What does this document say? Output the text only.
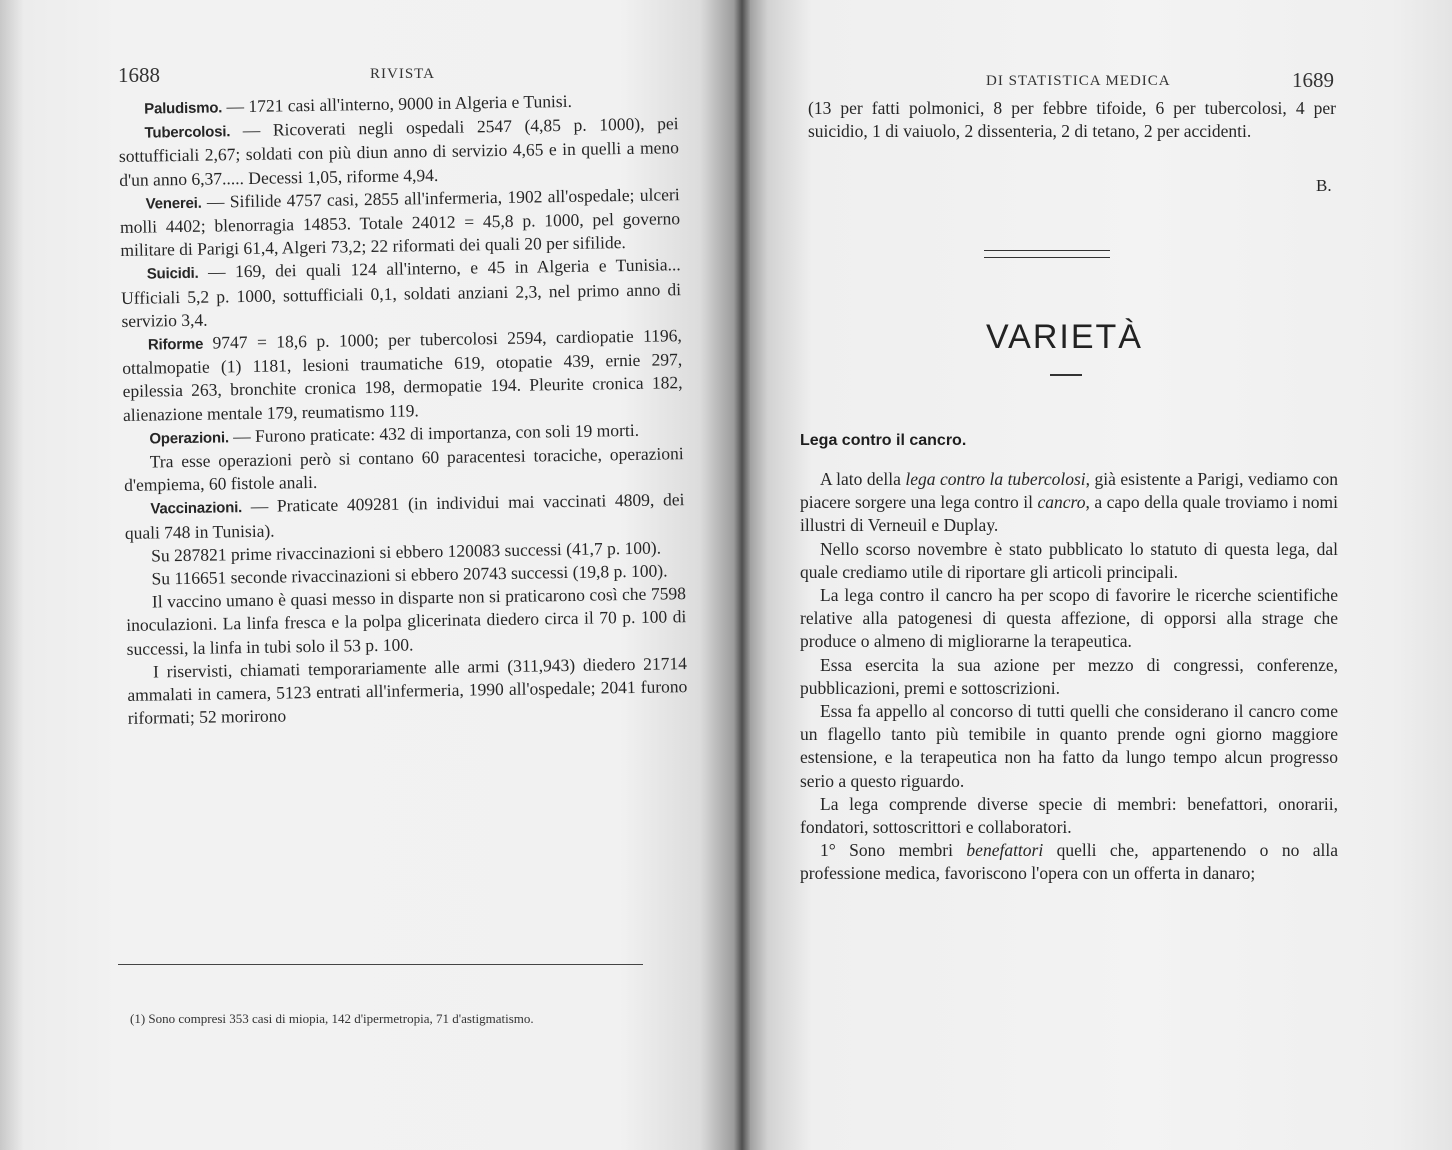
1688	RIVISTA

Paludismo. — 1721 casi all'interno, 9000 in Algeria e Tunisi.

Tubercolosi. — Ricoverati negli ospedali 2547 (4,85 p. 1000), pei sottufficiali 2,67; soldati con più diun anno di servizio 4,65 e in quelli a meno d'un anno 6,37..... Decessi 1,05, riforme 4,94.

Venerei. — Sifilide 4757 casi, 2855 all'infermeria, 1902 all'ospedale; ulceri molli 4402; blenorragia 14853. Totale 24012 = 45,8 p. 1000, pel governo militare di Parigi 61,4, Algeri 73,2; 22 riformati dei quali 20 per sifilide.

Suicidi. — 169, dei quali 124 all'interno, e 45 in Algeria e Tunisia... Ufficiali 5,2 p. 1000, sottufficiali 0,1, soldati anziani 2,3, nel primo anno di servizio 3,4.

Riforme 9747 = 18,6 p. 1000; per tubercolosi 2594, cardiopatie 1196, ottalmopatie (1) 1181, lesioni traumatiche 619, otopatie 439, ernie 297, epilessia 263, bronchite cronica 198, dermopatie 194. Pleurite cronica 182, alienazione mentale 179, reumatismo 119.

Operazioni. — Furono praticate: 432 di importanza, con soli 19 morti.

Tra esse operazioni però si contano 60 paracentesi toraciche, operazioni d'empiema, 60 fistole anali.

Vaccinazioni. — Praticate 409281 (in individui mai vaccinati 4809, dei quali 748 in Tunisia).

Su 287821 prime rivaccinazioni si ebbero 120083 successi (41,7 p. 100).

Su 116651 seconde rivaccinazioni si ebbero 20743 successi (19,8 p. 100).

Il vaccino umano è quasi messo in disparte non si praticarono così che 7598 inoculazioni. La linfa fresca e la polpa glicerinata diedero circa il 70 p. 100 di successi, la linfa in tubi solo il 53 p. 100.

I riservisti, chiamati temporariamente alle armi (311,943) diedero 21714 ammalati in camera, 5123 entrati all'infermeria, 1990 all'ospedale; 2041 furono riformati; 52 morirono

(1) Sono compresi 353 casi di miopia, 142 d'ipermetropia, 71 d'astigmatismo.
DI STATISTICA MEDICA	1689

(13 per fatti polmonici, 8 per febbre tifoide, 6 per tubercolosi, 4 per suicidio, 1 di vaiuolo, 2 dissenteria, 2 di tetano, 2 per accidenti.

B.
VARIETÀ
Lega contro il cancro.

A lato della lega contro la tubercolosi, già esistente a Parigi, vediamo con piacere sorgere una lega contro il cancro, a capo della quale troviamo i nomi illustri di Verneuil e Duplay.

Nello scorso novembre è stato pubblicato lo statuto di questa lega, dal quale crediamo utile di riportare gli articoli principali.

La lega contro il cancro ha per scopo di favorire le ricerche scientifiche relative alla patogenesi di questa affezione, di opporsi alla strage che produce o almeno di migliorarne la terapeutica.

Essa esercita la sua azione per mezzo di congressi, conferenze, pubblicazioni, premi e sottoscrizioni.

Essa fa appello al concorso di tutti quelli che considerano il cancro come un flagello tanto più temibile in quanto prende ogni giorno maggiore estensione, e la terapeutica non ha fatto da lungo tempo alcun progresso serio a questo riguardo.

La lega comprende diverse specie di membri: benefattori, onorarii, fondatori, sottoscrittori e collaboratori.

1° Sono membri benefattori quelli che, appartenendo o no alla professione medica, favoriscono l'opera con un offerta in danaro;
